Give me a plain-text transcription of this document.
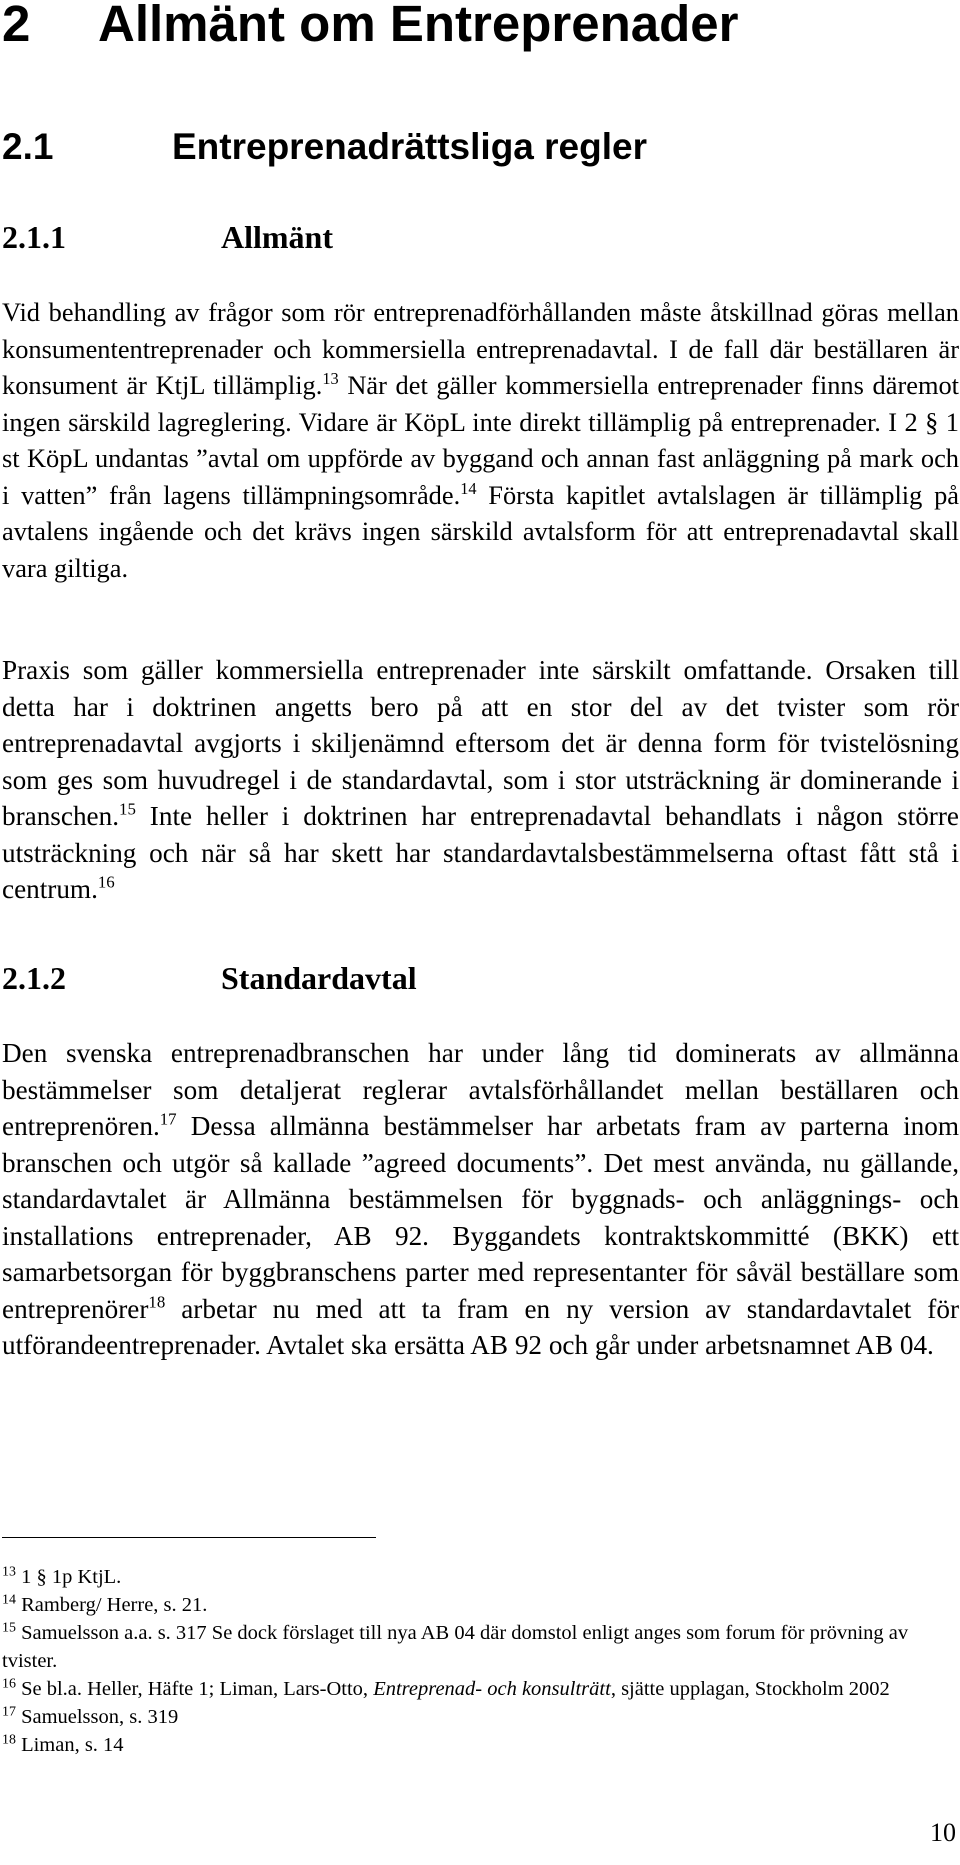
2 Allmänt om Entreprenader
2.1	Entreprenadrättsliga regler
2.1.1	Allmänt

Vid behandling av frågor som rör entreprenadförhållanden måste åtskillnad göras mellan konsumententreprenader och kommersiella entreprenadavtal. I de fall där beställaren är konsument är KtjL tillämplig.$^{13}$ När det gäller kommersiella entreprenader finns däremot ingen särskild lagreglering. Vidare är KöpL inte direkt tillämplig på entreprenader. I 2 § 1 st KöpL undantas ”avtal om uppförde av byggand och annan fast anläggning på mark och i vatten” från lagens tillämpningsområde.$^{14}$ Första kapitlet avtalslagen är tillämplig på avtalens ingående och det krävs ingen särskild avtalsform för att entreprenadavtal skall vara giltiga.

Praxis som gäller kommersiella entreprenader inte särskilt omfattande. Orsaken till detta har i doktrinen angetts bero på att en stor del av det tvister som rör entreprenadavtal avgjorts i skiljenämnd eftersom det är denna form för tvistelösning som ges som huvudregel i de standardavtal, som i stor utsträckning är dominerande i branschen.$^{15}$ Inte heller i doktrinen har entreprenadavtal behandlats i någon större utsträckning och när så har skett har standardavtalsbestämmelserna oftast fått stå i centrum.$^{16}$

2.1.2	Standardavtal

Den svenska entreprenadbranschen har under lång tid dominerats av allmänna bestämmelser som detaljerat reglerar avtalsförhållandet mellan beställaren och entreprenören.$^{17}$ Dessa allmänna bestämmelser har arbetats fram av parterna inom branschen och utgör så kallade ”agreed documents”. Det mest använda, nu gällande, standardavtalet är Allmänna bestämmelsen för byggnads- och anläggnings- och installations entreprenader, AB 92. Byggandets kontraktskommitté (BKK) ett samarbetsorgan för byggbranschens parter med representanter för såväl beställare som entreprenörer$^{18}$ arbetar nu med att ta fram en ny version av standardavtalet för utförandeentreprenader. Avtalet ska ersätta AB 92 och går under arbetsnamnet AB 04.

$^{13}$ 1 § 1p KtjL.
$^{14}$ Ramberg/ Herre, s. 21.
$^{15}$ Samuelsson a.a. s. 317 Se dock förslaget till nya AB 04 där domstol enligt anges som forum för prövning av tvister.
$^{16}$ Se bl.a. Heller, Häfte 1; Liman, Lars-Otto, Entreprenad- och konsulträtt, sjätte upplagan, Stockholm 2002
$^{17}$ Samuelsson, s. 319
$^{18}$ Liman, s. 14
10
